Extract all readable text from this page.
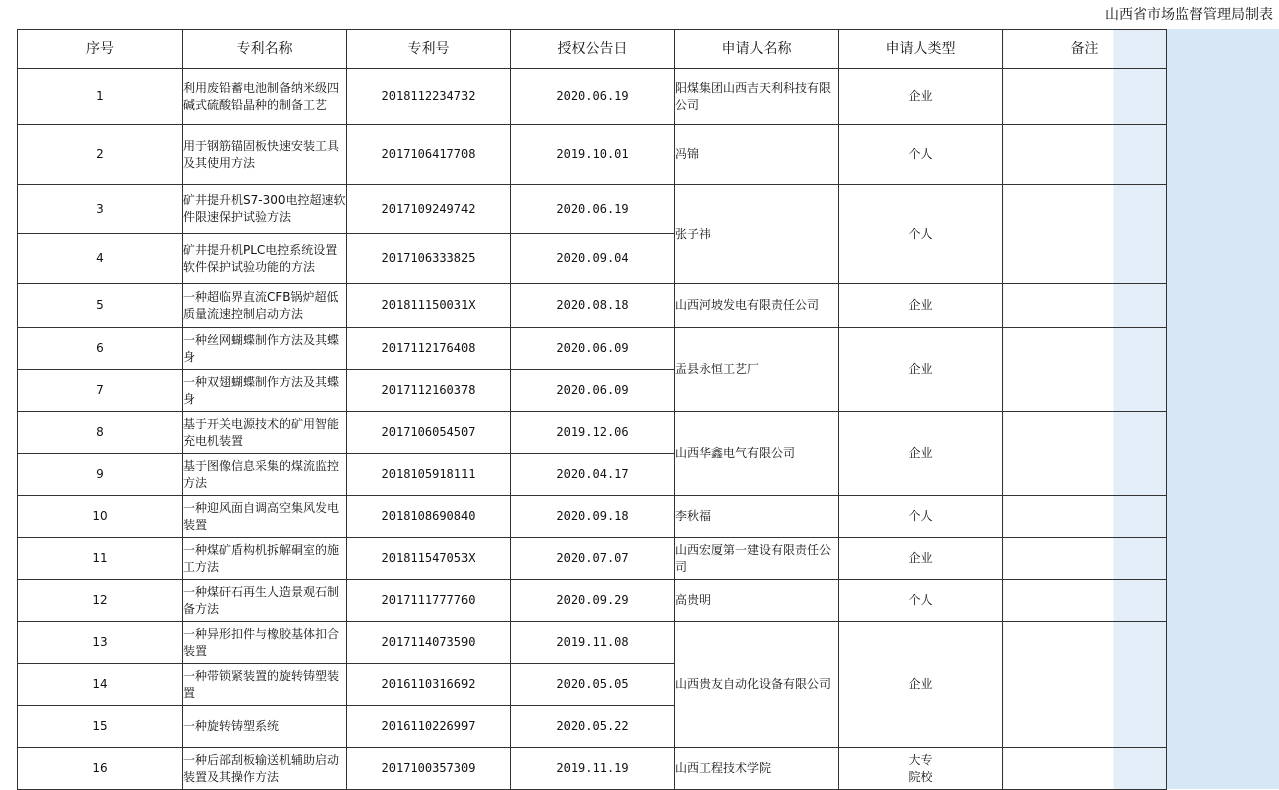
山西省市场监督管理局制表
序号	专利名称	专利号	授权公告日	申请人名称	申请人类型	备注
1	利用废铅蓄电池制备纳米级四碱式硫酸铅晶种的制备工艺	2018112234732	2020.06.19	阳煤集团山西吉天利科技有限公司	企业	
2	用于钢筋锚固板快速安装工具及其使用方法	2017106417708	2019.10.01	冯锦	个人	
3	矿井提升机S7-300电控超速软件限速保护试验方法	2017109249742	2020.06.19	张子祎	个人	
4	矿井提升机PLC电控系统设置软件保护试验功能的方法	2017106333825	2020.09.04			
5	一种超临界直流CFB锅炉超低质量流速控制启动方法	201811150031X	2020.08.18	山西河坡发电有限责任公司	企业	
6	一种丝网蝴蝶制作方法及其蝶身	2017112176408	2020.06.09	盂县永恒工艺厂	企业	
7	一种双翅蝴蝶制作方法及其蝶身	2017112160378	2020.06.09			
8	基于开关电源技术的矿用智能充电机装置	2017106054507	2019.12.06	山西华鑫电气有限公司	企业	
9	基于图像信息采集的煤流监控方法	2018105918111	2020.04.17			
10	一种迎风面自调高空集风发电装置	2018108690840	2020.09.18	李秋福	个人	
11	一种煤矿盾构机拆解硐室的施工方法	201811547053X	2020.07.07	山西宏厦第一建设有限责任公司	企业	
12	一种煤矸石再生人造景观石制备方法	2017111777760	2020.09.29	高贵明	个人	
13	一种异形扣件与橡胶基体扣合装置	2017114073590	2019.11.08	山西贵友自动化设备有限公司	企业	
14	一种带锁紧装置的旋转铸塑装置	2016110316692	2020.05.05			
15	一种旋转铸塑系统	2016110226997	2020.05.22			
16	一种后部刮板输送机辅助启动装置及其操作方法	2017100357309	2019.11.19	山西工程技术学院	大专院校	
